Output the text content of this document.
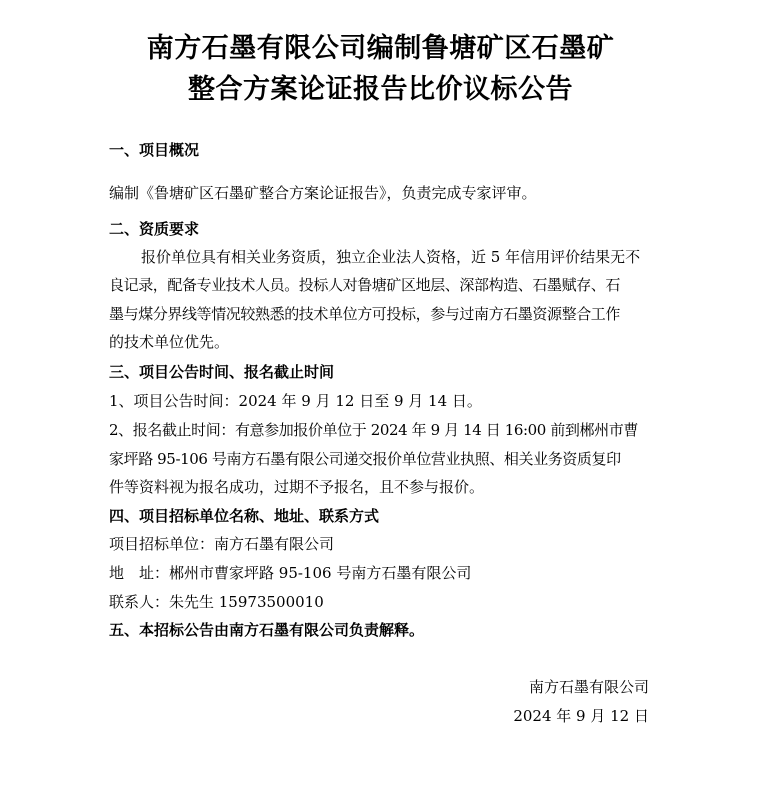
南方石墨有限公司编制鲁塘矿区石墨矿
整合方案论证报告比价议标公告
一、项目概况
编制《鲁塘矿区石墨矿整合方案论证报告》，负责完成专家评审。
二、资质要求
报价单位具有相关业务资质，独立企业法人资格，近 5 年信用评价结果无不
良记录，配备专业技术人员。投标人对鲁塘矿区地层、深部构造、石墨赋存、石
墨与煤分界线等情况较熟悉的技术单位方可投标，参与过南方石墨资源整合工作
的技术单位优先。
三、项目公告时间、报名截止时间
1、项目公告时间：2024 年 9 月 12 日至 9 月 14 日。
2、报名截止时间：有意参加报价单位于 2024 年 9 月 14 日 16:00 前到郴州市曹
家坪路 95-106 号南方石墨有限公司递交报价单位营业执照、相关业务资质复印
件等资料视为报名成功，过期不予报名，且不参与报价。
四、项目招标单位名称、地址、联系方式
项目招标单位：南方石墨有限公司
地　址：郴州市曹家坪路 95-106 号南方石墨有限公司
联系人：朱先生 15973500010
五、本招标公告由南方石墨有限公司负责解释。
南方石墨有限公司
2024 年 9 月 12 日
